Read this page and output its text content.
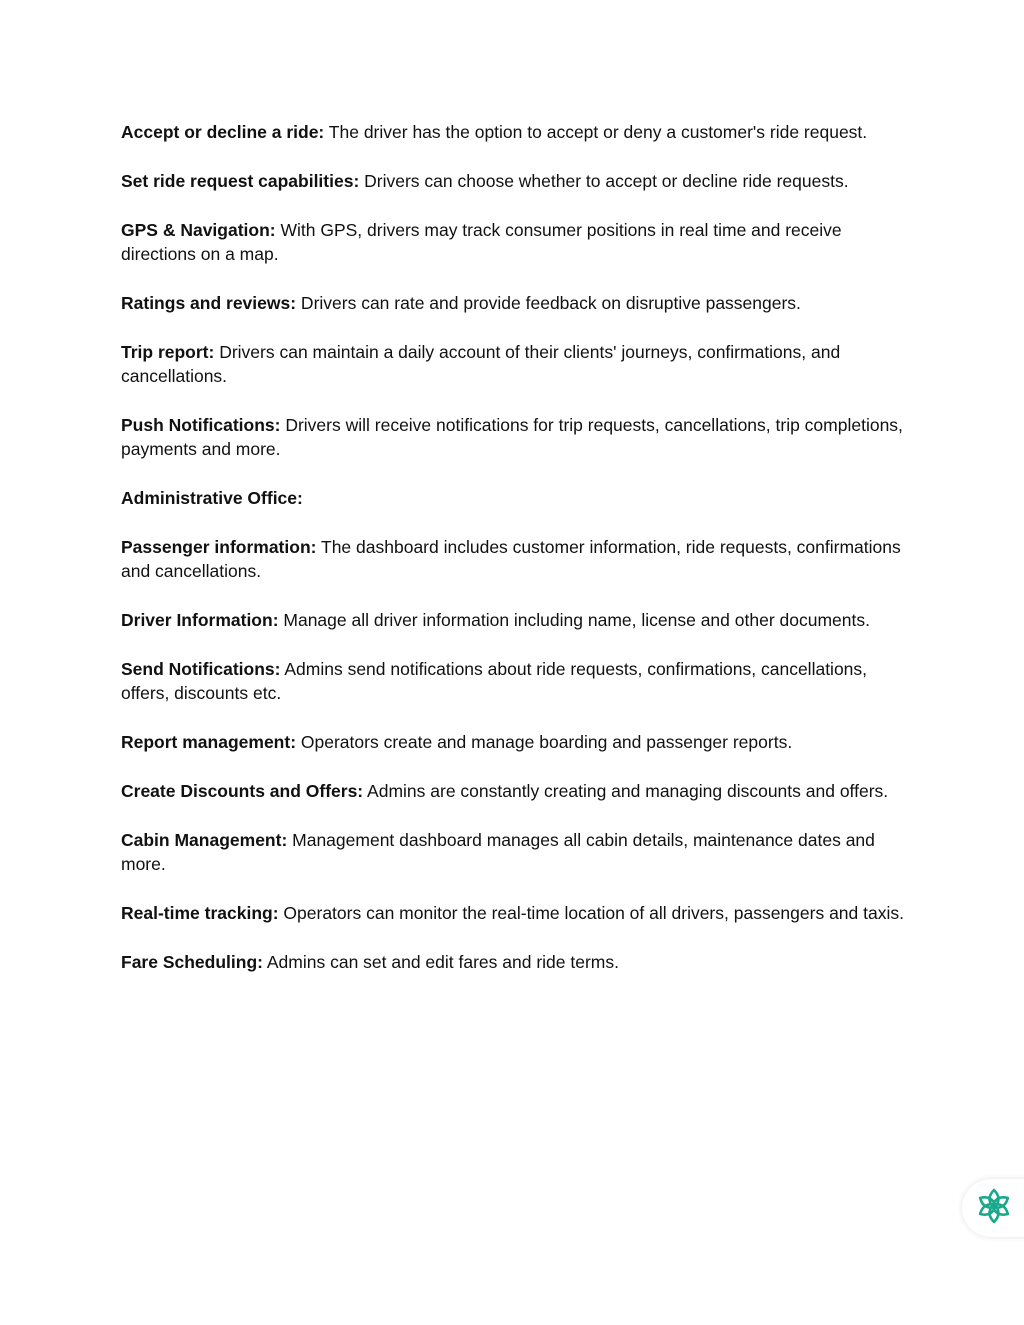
Accept or decline a ride: The driver has the option to accept or deny a customer's ride request.

Set ride request capabilities: Drivers can choose whether to accept or decline ride requests.

GPS & Navigation: With GPS, drivers may track consumer positions in real time and receive directions on a map.

Ratings and reviews: Drivers can rate and provide feedback on disruptive passengers.

Trip report: Drivers can maintain a daily account of their clients' journeys, confirmations, and cancellations.

Push Notifications: Drivers will receive notifications for trip requests, cancellations, trip completions, payments and more.

Administrative Office:

Passenger information: The dashboard includes customer information, ride requests, confirmations and cancellations.

Driver Information: Manage all driver information including name, license and other documents.

Send Notifications: Admins send notifications about ride requests, confirmations, cancellations, offers, discounts etc.

Report management: Operators create and manage boarding and passenger reports.

Create Discounts and Offers: Admins are constantly creating and managing discounts and offers.

Cabin Management: Management dashboard manages all cabin details, maintenance dates and more.

Real-time tracking: Operators can monitor the real-time location of all drivers, passengers and taxis.

Fare Scheduling: Admins can set and edit fares and ride terms.
